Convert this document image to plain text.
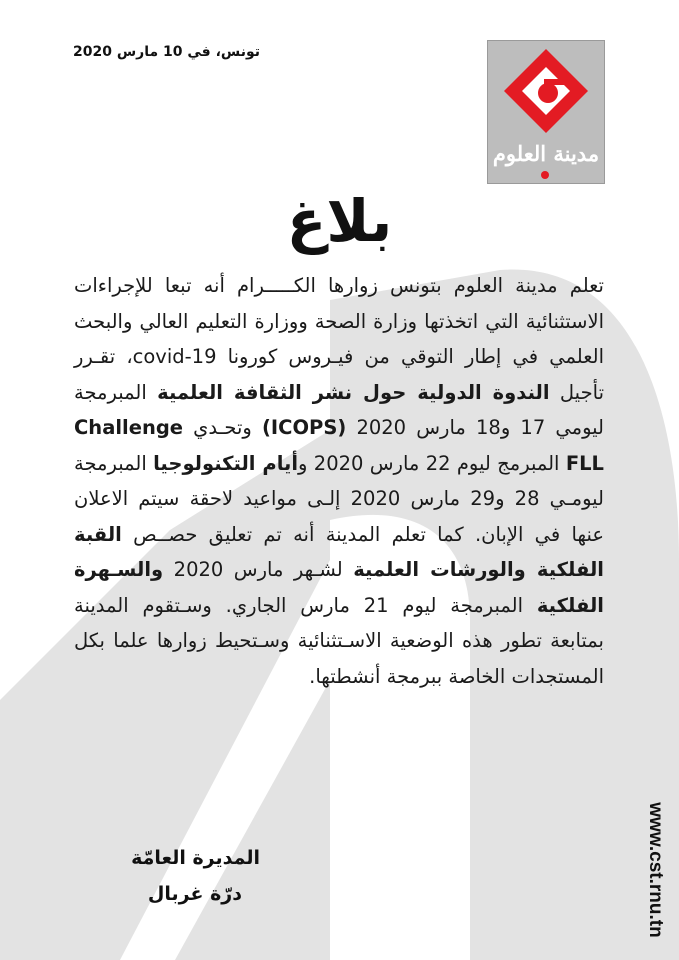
تونس، في 10 مارس 2020
مدينة العلوم
بلاغ
تعلم مدينة العلوم بتونس زوارها الكـــــرام أنه تبعا للإجراءات الاستثنائية التي اتخذتها وزارة الصحة ووزارة التعليم العالي والبحث العلمي في إطار التوقي من فيـروس كورونا covid-19، تقـرر تأجيل الندوة الدولية حول نشر الثقافة العلمية المبرمجة ليومي 17 و18 مارس 2020 (ICOPS) وتحـدي Challenge FLL المبرمج ليوم 22 مارس 2020 وأيام التكنولوجيا المبرمجة ليومـي 28 و29 مارس 2020 إلـى مواعيد لاحقة سيتم الاعلان عنها في الإبان. كما تعلم المدينة أنه تم تعليق حصــص القبة الفلكية والورشات العلمية لشـهر مارس 2020 والسـهرة الفلكية المبرمجة ليوم 21 مارس الجاري. وسـتقوم المدينة بمتابعة تطور هذه الوضعية الاسـتثنائية وسـتحيط زوارها علما بكل المستجدات الخاصة ببرمجة أنشطتها.
المديرة العامّة
درّة غربال	www.cst.rnu.tn
